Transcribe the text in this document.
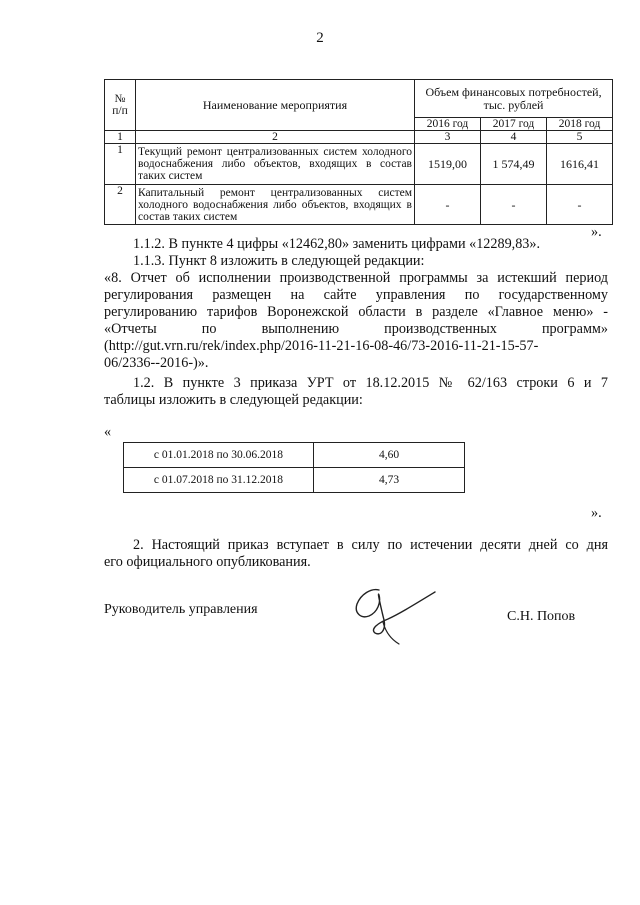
2
№
п/п	Наименование мероприятия	Объем финансовых потребностей,
тыс. рублей		
		2016 год	2017 год	2018 год
1	2	3	4	5
1	Текущий ремонт централизованных систем холодного водоснабжения либо объектов, входящих в состав таких систем	1519,00	1 574,49	1616,41
2	Капитальный ремонт централизованных систем холодного водоснабжения либо объектов, входящих в состав таких систем	-	-	-
».
1.1.2. В пункте 4 цифры «12462,80» заменить цифрами «12289,83».
1.1.3. Пункт 8 изложить в следующей редакции:
«8. Отчет об исполнении производственной программы за истекший период
регулирования размещен на сайте управления по государственному
регулированию тарифов Воронежской области в разделе «Главное меню» -
«Отчеты по выполнению производственных программ»
(http://gut.vrn.ru/rek/index.php/2016-11-21-16-08-46/73-2016-11-21-15-57-
06/2336--2016-)».
1.2. В пункте 3 приказа УРТ от 18.12.2015 № 62/163 строки 6 и 7
таблицы изложить в следующей редакции:
«
с 01.01.2018 по 30.06.2018	4,60
с 01.07.2018 по 31.12.2018	4,73
».
2. Настоящий приказ вступает в силу по истечении десяти дней со дня
его официального опубликования.
Руководитель управления	С.Н. Попов
